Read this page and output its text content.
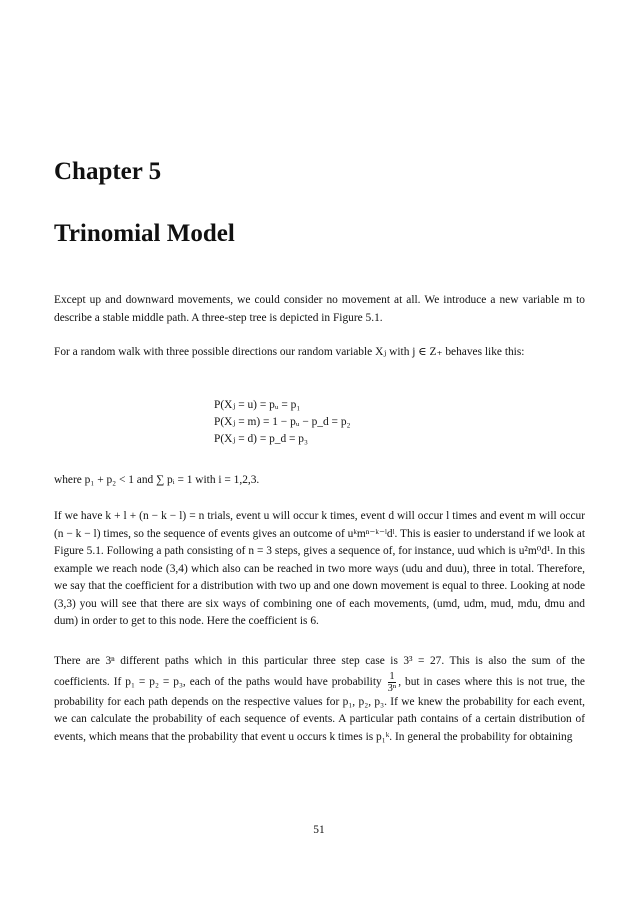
Chapter 5
Trinomial Model

Except up and downward movements, we could consider no movement at all. We introduce a new variable m to describe a stable middle path. A three-step tree is depicted in Figure 5.1.

For a random walk with three possible directions our random variable Xⱼ with j ∈ Z₊ behaves like this:

P(Xⱼ = u) = pᵤ = p₁
P(Xⱼ = m) = 1 − pᵤ − p_d = p₂
P(Xⱼ = d) = p_d = p₃

where p₁ + p₂ < 1 and ∑ pᵢ = 1 with i = 1,2,3.

If we have k + l + (n − k − l) = n trials, event u will occur k times, event d will occur l times and event m will occur (n − k − l) times, so the sequence of events gives an outcome of uᵏmⁿ⁻ᵏ⁻ˡdˡ. This is easier to understand if we look at Figure 5.1. Following a path consisting of n = 3 steps, gives a sequence of, for instance, uud which is u²m⁰d¹. In this example we reach node (3,4) which also can be reached in two more ways (udu and duu), three in total. Therefore, we say that the coefficient for a distribution with two up and one down movement is equal to three. Looking at node (3,3) you will see that there are six ways of combining one of each movements, (umd, udm, mud, mdu, dmu and dum) in order to get to this node. Here the coefficient is 6.

There are 3ⁿ different paths which in this particular three step case is 3³ = 27. This is also the sum of the coefficients. If p₁ = p₂ = p₃, each of the paths would have probability $\frac{1}{\text{3ⁿ}}$ , but in cases where this is not true, the probability for each path depends on the respective values for p₁, p₂, p₃. If we knew the probability for each event, we can calculate the probability of each sequence of events. A particular path contains of a certain distribution of events, which means that the probability that event u occurs k times is p₁ᵏ. In general the probability for obtaining

51
